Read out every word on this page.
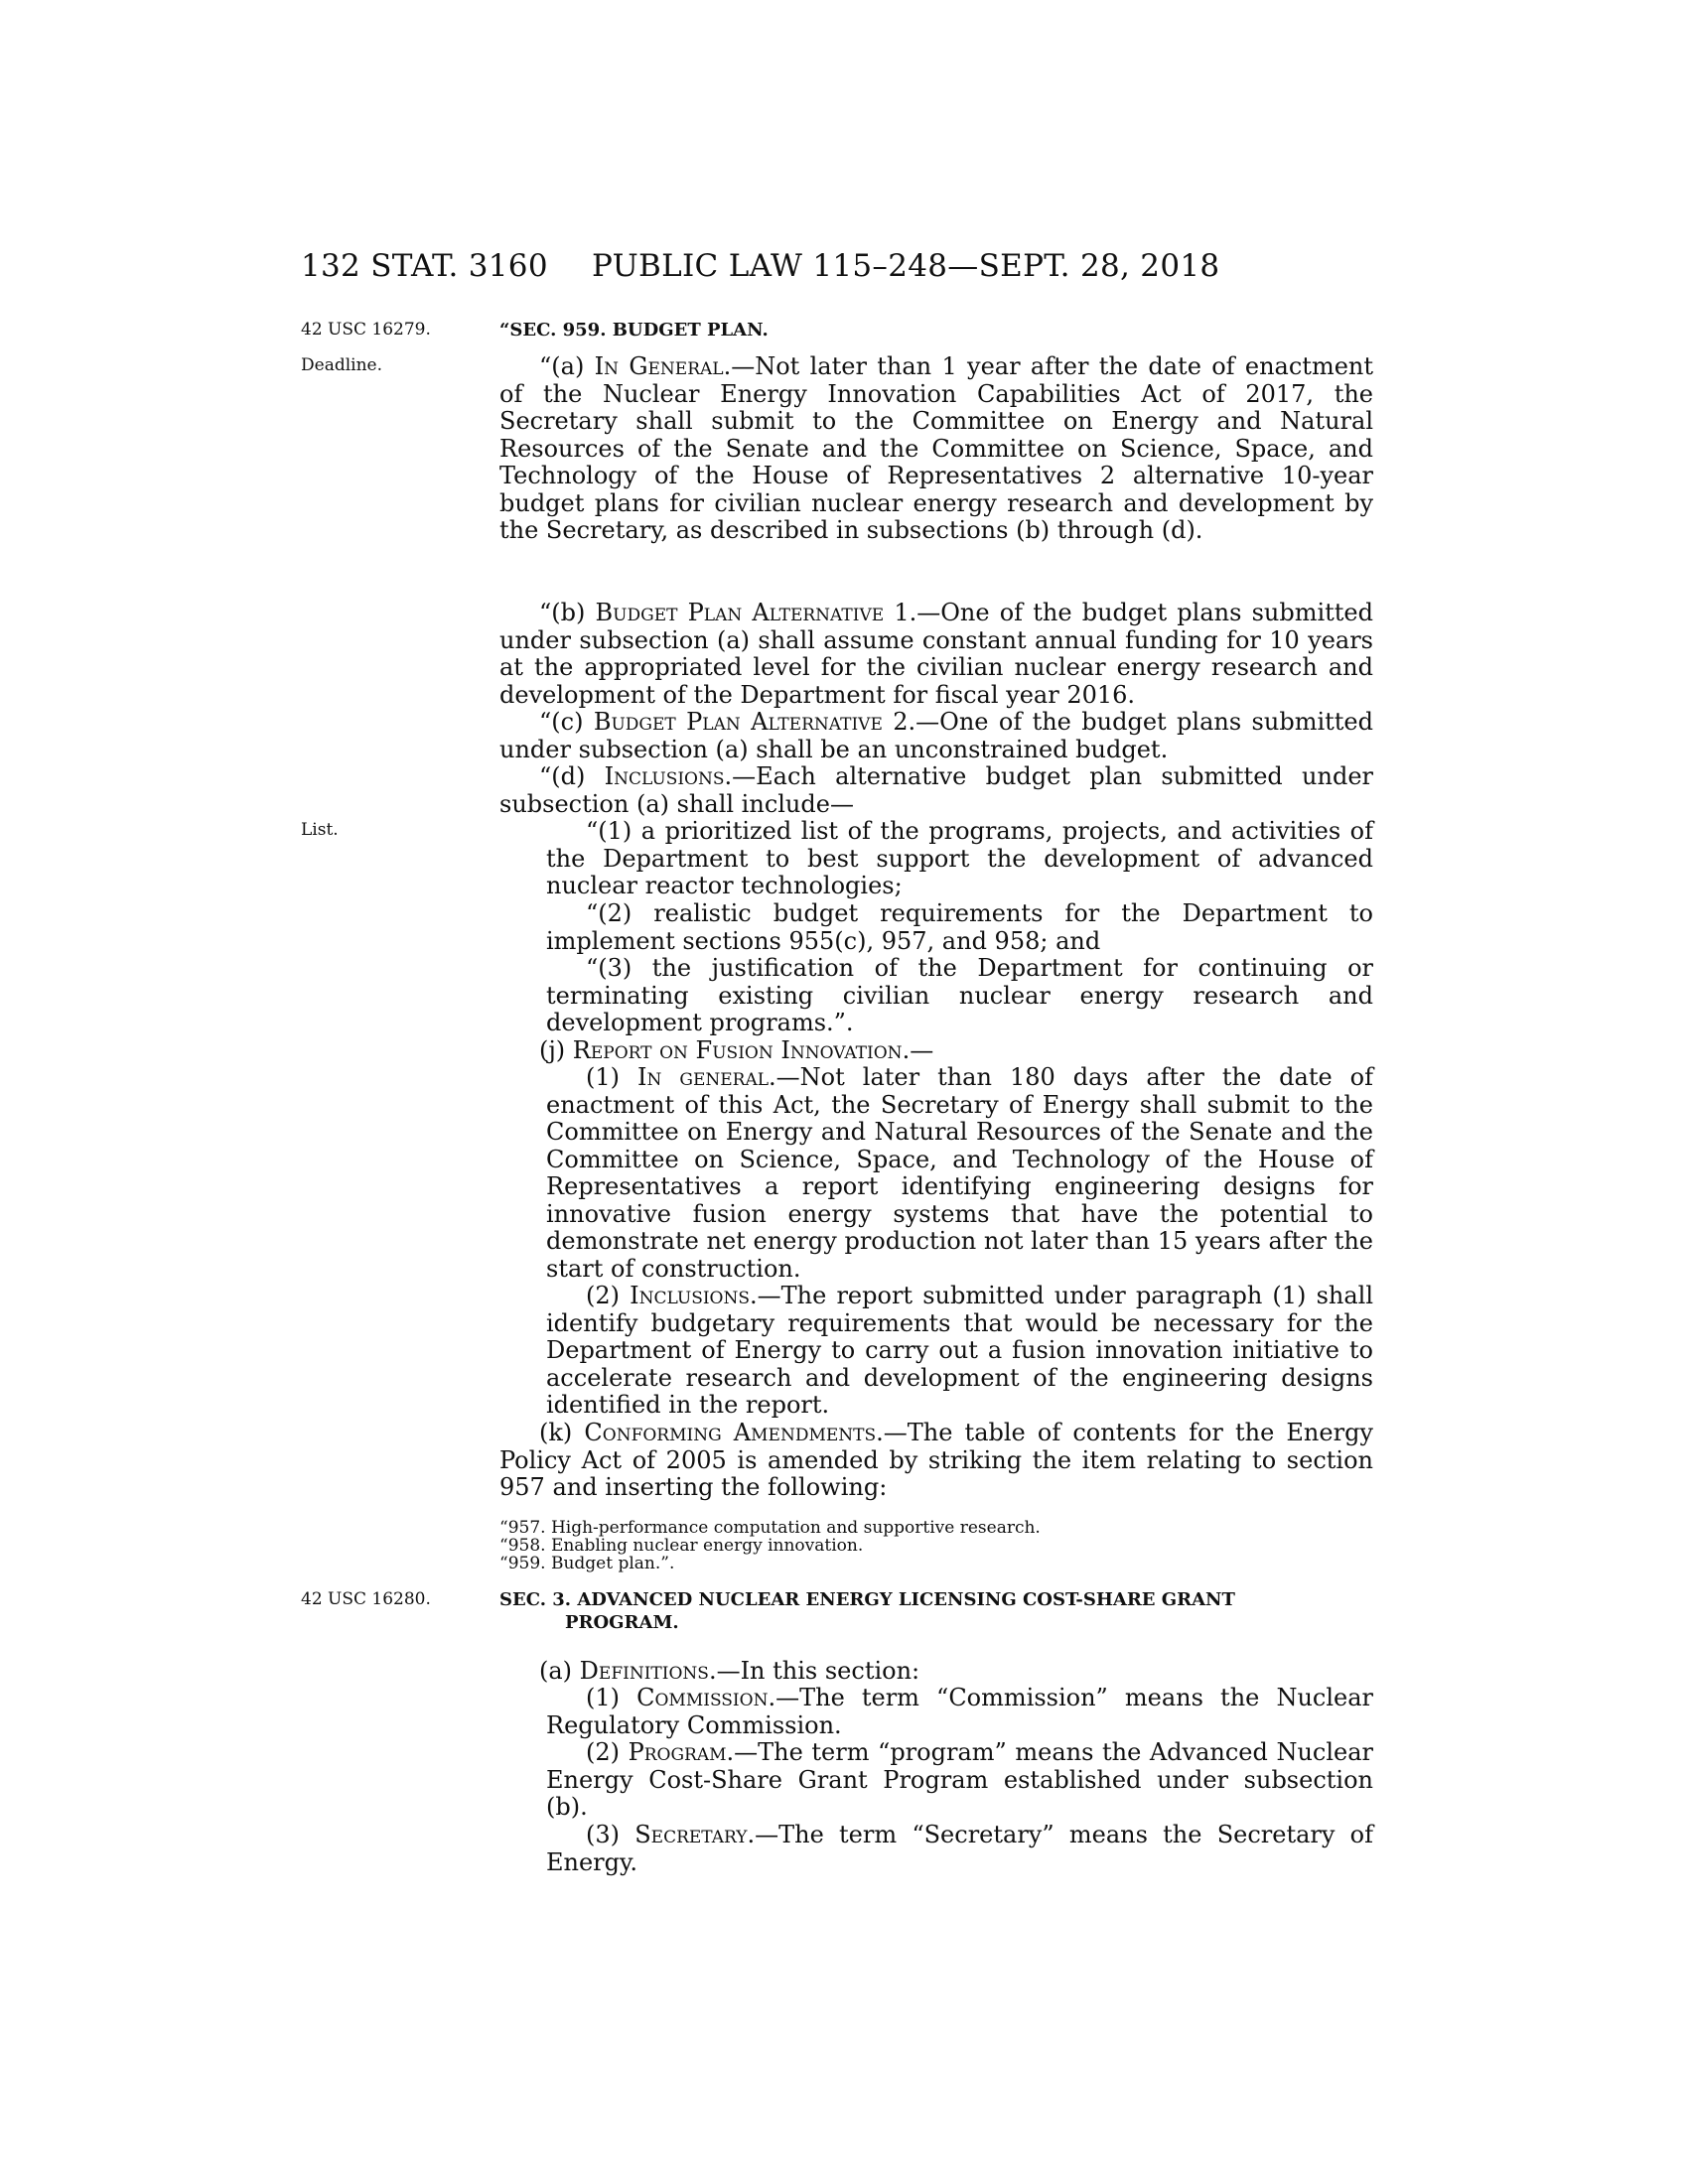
132 STAT. 3160 PUBLIC LAW 115–248—SEPT. 28, 2018
42 USC 16279.
Deadline.
List.
42 USC 16280.
“SEC. 959. BUDGET PLAN.

“(a) In General.—Not later than 1 year after the date of enactment of the Nuclear Energy Innovation Capabilities Act of 2017, the Secretary shall submit to the Committee on Energy and Natural Resources of the Senate and the Committee on Science, Space, and Technology of the House of Representatives 2 alternative 10-year budget plans for civilian nuclear energy research and development by the Secretary, as described in subsections (b) through (d).

“(b) Budget Plan Alternative 1.—One of the budget plans submitted under subsection (a) shall assume constant annual funding for 10 years at the appropriated level for the civilian nuclear energy research and development of the Department for fiscal year 2016.

“(c) Budget Plan Alternative 2.—One of the budget plans submitted under subsection (a) shall be an unconstrained budget.

“(d) Inclusions.—Each alternative budget plan submitted under subsection (a) shall include—

“(1) a prioritized list of the programs, projects, and activities of the Department to best support the development of advanced nuclear reactor technologies;

“(2) realistic budget requirements for the Department to implement sections 955(c), 957, and 958; and

“(3) the justification of the Department for continuing or terminating existing civilian nuclear energy research and development programs.”.

(j) Report on Fusion Innovation.—

(1) In general.—Not later than 180 days after the date of enactment of this Act, the Secretary of Energy shall submit to the Committee on Energy and Natural Resources of the Senate and the Committee on Science, Space, and Technology of the House of Representatives a report identifying engineering designs for innovative fusion energy systems that have the potential to demonstrate net energy production not later than 15 years after the start of construction.

(2) Inclusions.—The report submitted under paragraph (1) shall identify budgetary requirements that would be necessary for the Department of Energy to carry out a fusion innovation initiative to accelerate research and development of the engineering designs identified in the report.

(k) Conforming Amendments.—The table of contents for the Energy Policy Act of 2005 is amended by striking the item relating to section 957 and inserting the following:

“957. High-performance computation and supportive research.
“958. Enabling nuclear energy innovation.
“959. Budget plan.”.
SEC. 3. ADVANCED NUCLEAR ENERGY LICENSING COST-SHARE GRANT
PROGRAM.

(a) Definitions.—In this section:

(1) Commission.—The term “Commission” means the Nuclear Regulatory Commission.

(2) Program.—The term “program” means the Advanced Nuclear Energy Cost-Share Grant Program established under subsection (b).

(3) Secretary.—The term “Secretary” means the Secretary of Energy.
